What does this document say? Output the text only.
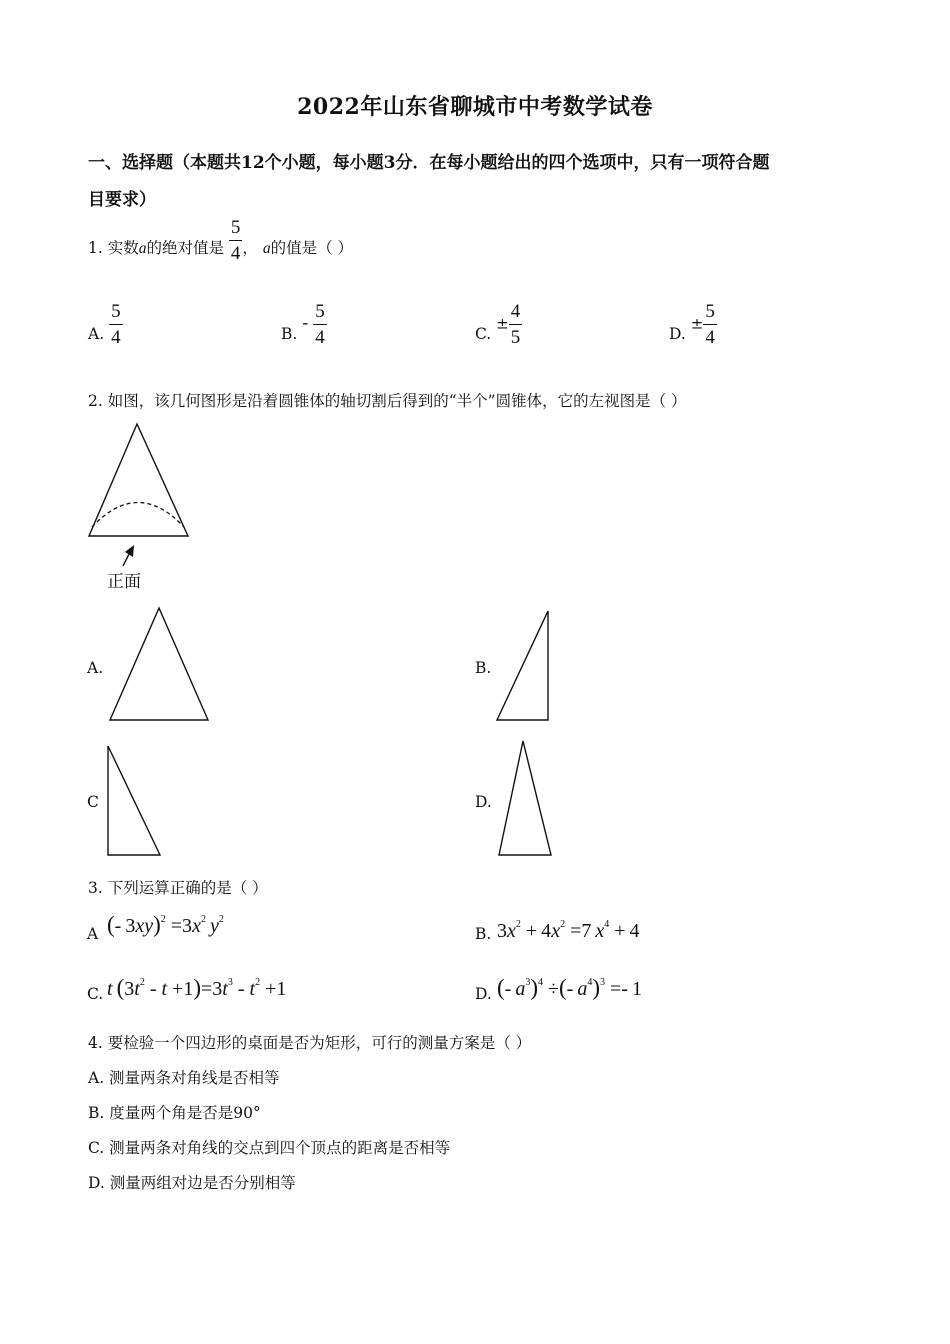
2022年山东省聊城市中考数学试卷
一、选择题（本题共12个小题，每小题3分．在每小题给出的四个选项中，只有一项符合题
目要求）
1. 实数a的绝对值是 $\frac{5}{4}$ ， a的值是（ ）
A. $\frac{5}{4}$	B. - $\frac{5}{4}$	C. ± $\frac{4}{5}$	D. ± $\frac{5}{4}$
2. 如图，该几何图形是沿着圆锥体的轴切割后得到的“半个”圆锥体，它的左视图是（ ）
正面
A.	B.
C	D.
3. 下列运算正确的是（ ）
A (- $3xy)^2 =3x^2$  $y^2$
B. $3x^2 + 4x^2 =7$ $x^4 + 4$
C. t  $(3t^2 - t +1)=3t^3 - t^2 +1$	D. (- $a^3)^4$ ÷(- $a^4)^3 =- 1$
4. 要检验一个四边形的桌面是否为矩形，可行的测量方案是（ ）
A. 测量两条对角线是否相等
B. 度量两个角是否是90°
C. 测量两条对角线的交点到四个顶点的距离是否相等
D. 测量两组对边是否分别相等
